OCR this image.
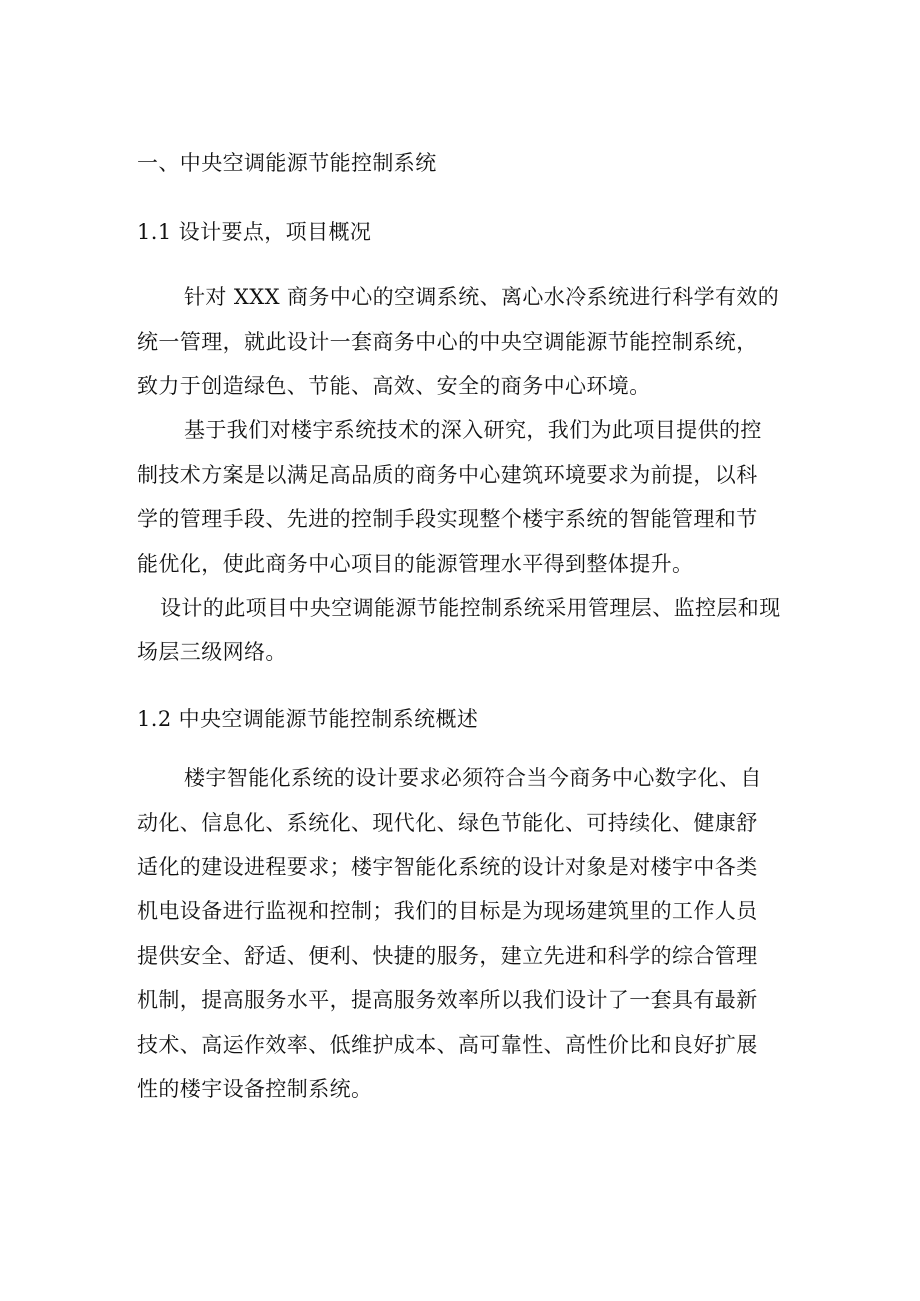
一、中央空调能源节能控制系统
1.1 设计要点，项目概况
针对 XXX 商务中心的空调系统、离心水冷系统进行科学有效的
统一管理，就此设计一套商务中心的中央空调能源节能控制系统，
致力于创造绿色、节能、高效、安全的商务中心环境。
基于我们对楼宇系统技术的深入研究，我们为此项目提供的控
制技术方案是以满足高品质的商务中心建筑环境要求为前提，以科
学的管理手段、先进的控制手段实现整个楼宇系统的智能管理和节
能优化，使此商务中心项目的能源管理水平得到整体提升。
设计的此项目中央空调能源节能控制系统采用管理层、监控层和现
场层三级网络。
1.2 中央空调能源节能控制系统概述
楼宇智能化系统的设计要求必须符合当今商务中心数字化、自
动化、信息化、系统化、现代化、绿色节能化、可持续化、健康舒
适化的建设进程要求；楼宇智能化系统的设计对象是对楼宇中各类
机电设备进行监视和控制；我们的目标是为现场建筑里的工作人员
提供安全、舒适、便利、快捷的服务，建立先进和科学的综合管理
机制，提高服务水平，提高服务效率所以我们设计了一套具有最新
技术、高运作效率、低维护成本、高可靠性、高性价比和良好扩展
性的楼宇设备控制系统。
